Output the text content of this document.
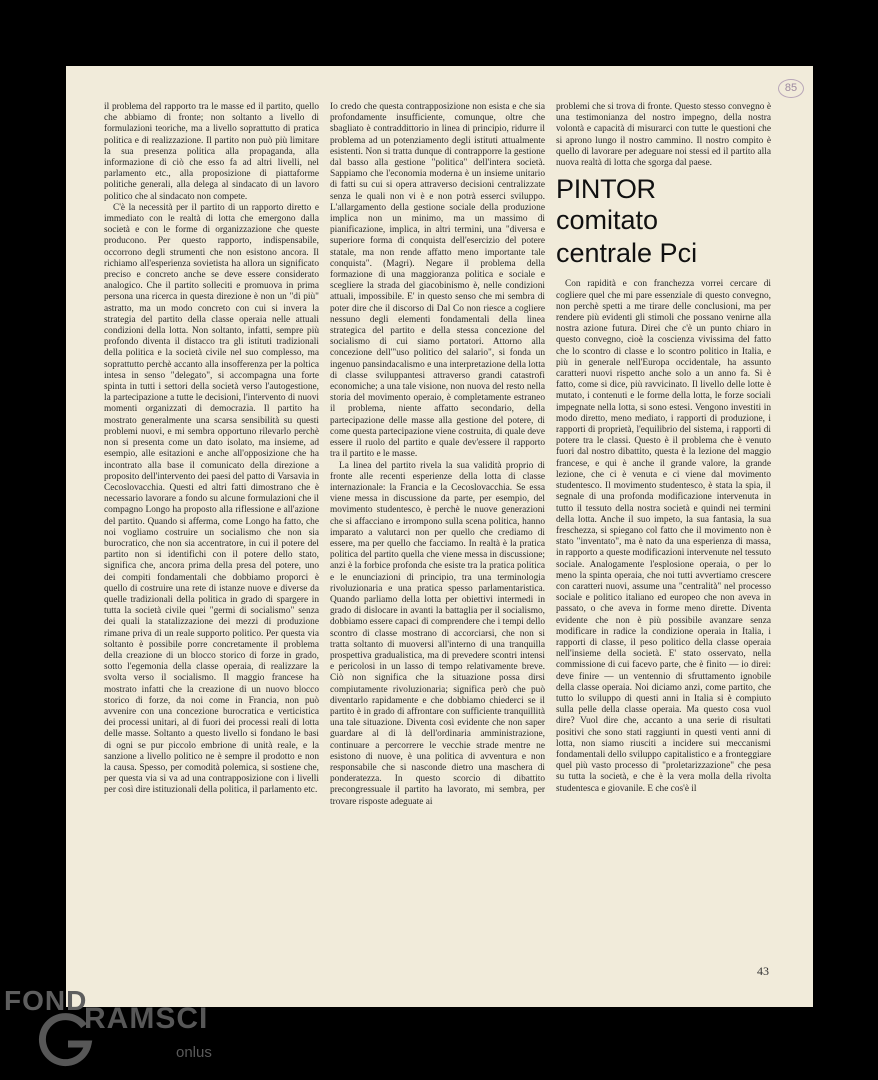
85

il problema del rapporto tra le masse ed il partito, quello che abbiamo di fronte; non soltanto a livello di formulazioni teoriche, ma a livello soprattutto di pratica politica e di realizzazione. Il partito non può più limitare la sua presenza politica alla propaganda, alla informazione di ciò che esso fa ad altri livelli, nel parlamento etc., alla proposizione di piattaforme politiche generali, alla delega al sindacato di un lavoro politico che al sindacato non compete.

C'è la necessità per il partito di un rapporto diretto e immediato con le realtà di lotta che emergono dalla società e con le forme di organizzazione che queste producono. Per questo rapporto, indispensabile, occorrono degli strumenti che non esistono ancora. Il richiamo all'esperienza sovietista ha allora un significato preciso e concreto anche se deve essere considerato analogico. Che il partito solleciti e promuova in prima persona una ricerca in questa direzione è non un "di più" astratto, ma un modo concreto con cui si invera la strategia del partito della classe operaia nelle attuali condizioni della lotta. Non soltanto, infatti, sempre più profondo diventa il distacco tra gli istituti tradizionali della politica e la società civile nel suo complesso, ma soprattutto perchè accanto alla insofferenza per la poltica intesa in senso "delegato", si accompagna una forte spinta in tutti i settori della società verso l'autogestione, la partecipazione a tutte le decisioni, l'intervento di nuovi momenti organizzati di democrazia. Il partito ha mostrato generalmente una scarsa sensibilità su questi problemi nuovi, e mi sembra opportuno rilevarlo perchè non si presenta come un dato isolato, ma insieme, ad esempio, alle esitazioni e anche all'opposizione che ha incontrato alla base il comunicato della direzione a proposito dell'intervento dei paesi del patto di Varsavia in Cecoslovacchia. Questi ed altri fatti dimostrano che è necessario lavorare a fondo su alcune formulazioni che il compagno Longo ha proposto alla riflessione e all'azione del partito. Quando si afferma, come Longo ha fatto, che noi vogliamo costruire un socialismo che non sia burocratico, che non sia accentratore, in cui il potere del partito non si identifichi con il potere dello stato, significa che, ancora prima della presa del potere, uno dei compiti fondamentali che dobbiamo proporci è quello di costruire una rete di istanze nuove e diverse da quelle tradizionali della politica in grado di spargere in tutta la società civile quei "germi di socialismo" senza dei quali la statalizzazione dei mezzi di produzione rimane priva di un reale supporto politico. Per questa via soltanto è possibile porre concretamente il problema della creazione di un blocco storico di forze in grado, sotto l'egemonia della classe operaia, di realizzare la svolta verso il socialismo. Il maggio francese ha mostrato infatti che la creazione di un nuovo blocco storico di forze, da noi come in Francia, non può avvenire con una concezione burocratica e verticistica dei processi unitari, al di fuori dei processi reali di lotta delle masse. Soltanto a questo livello si fondano le basi di ogni se pur piccolo embrione di unità reale, e la sanzione a livello politico ne è sempre il prodotto e non la causa. Spesso, per comodità polemica, si sostiene che, per questa via si va ad una contrapposizione con i livelli per così dire istituzionali della politica, il parlamento etc.

Io credo che questa contrapposizione non esista e che sia profondamente insufficiente, comunque, oltre che sbagliato è contraddittorio in linea di principio, ridurre il problema ad un potenziamento degli istituti attualmente esistenti. Non si tratta dunque di contrapporre la gestione dal basso alla gestione "politica" dell'intera società. Sappiamo che l'economia moderna è un insieme unitario di fatti su cui si opera attraverso decisioni centralizzate senza le quali non vi è e non potrà esserci sviluppo. L'allargamento della gestione sociale della produzione implica non un minimo, ma un massimo di pianificazione, implica, in altri termini, una "diversa e superiore forma di conquista dell'esercizio del potere statale, ma non rende affatto meno importante tale conquista". (Magri). Negare il problema della formazione di una maggioranza politica e sociale e scegliere la strada del giacobinismo è, nelle condizioni attuali, impossibile. E' in questo senso che mi sembra di poter dire che il discorso di Dal Co non riesce a cogliere nessuno degli elementi fondamentali della linea strategica del partito e della stessa concezione del socialismo di cui siamo portatori. Attorno alla concezione dell'"uso politico del salario", si fonda un ingenuo pansindacalismo e una interpretazione della lotta di classe sviluppantesi attraverso grandi catastrofi economiche; a una tale visione, non nuova del resto nella storia del movimento operaio, è completamente estraneo il problema, niente affatto secondario, della partecipazione delle masse alla gestione del potere, di come questa partecipazione viene costruita, di quale deve essere il ruolo del partito e quale dev'essere il rapporto tra il partito e le masse.

La linea del partito rivela la sua validità proprio di fronte alle recenti esperienze della lotta di classe internazionale: la Francia e la Cecoslovacchia. Se essa viene messa in discussione da parte, per esempio, del movimento studentesco, è perchè le nuove generazioni che si affacciano e irrompono sulla scena politica, hanno imparato a valutarci non per quello che crediamo di essere, ma per quello che facciamo. In realtà è la pratica politica del partito quella che viene messa in discussione; anzi è la forbice profonda che esiste tra la pratica politica e le enunciazioni di principio, tra una terminologia rivoluzionaria e una pratica spesso parlamentaristica. Quando parliamo della lotta per obiettivi intermedi in grado di dislocare in avanti la battaglia per il socialismo, dobbiamo essere capaci di comprendere che i tempi dello scontro di classe mostrano di accorciarsi, che non si tratta soltanto di muoversi all'interno di una tranquilla prospettiva gradualistica, ma di prevedere scontri intensi e pericolosi in un lasso di tempo relativamente breve. Ciò non significa che la situazione possa dirsi compiutamente rivoluzionaria; significa però che può diventarlo rapidamente e che dobbiamo chiederci se il partito è in grado di affrontare con sufficiente tranquillità una tale situazione. Diventa così evidente che non saper guardare al di là dell'ordinaria amministrazione, continuare a percorrere le vecchie strade mentre ne esistono di nuove, è una politica di avventura e non responsabile che si nasconde dietro una maschera di ponderatezza. In questo scorcio di dibattito precongressuale il partito ha lavorato, mi sembra, per trovare risposte adeguate ai

problemi che si trova di fronte. Questo stesso convegno è una testimonianza del nostro impegno, della nostra volontà e capacità di misurarci con tutte le questioni che si aprono lungo il nostro cammino. Il nostro compito è quello di lavorare per adeguare noi stessi ed il partito alla nuova realtà di lotta che sgorga dal paese.

PINTOR
comitato
centrale Pci

Con rapidità e con franchezza vorrei cercare di cogliere quel che mi pare essenziale di questo convegno, non perchè spetti a me tirare delle conclusioni, ma per rendere più evidenti gli stimoli che possano venirne alla nostra azione futura. Direi che c'è un punto chiaro in questo convegno, cioè la coscienza vivissima del fatto che lo scontro di classe e lo scontro politico in Italia, e più in generale nell'Europa occidentale, ha assunto caratteri nuovi rispetto anche solo a un anno fa. Si è fatto, come si dice, più ravvicinato. Il livello delle lotte è mutato, i contenuti e le forme della lotta, le forze sociali impegnate nella lotta, si sono estesi. Vengono investiti in modo diretto, meno mediato, i rapporti di produzione, i rapporti di proprietà, l'equilibrio del sistema, i rapporti di potere tra le classi. Questo è il problema che è venuto fuori dal nostro dibattito, questa è la lezione del maggio francese, e qui è anche il grande valore, la grande lezione, che ci è venuta e ci viene dal movimento studentesco. Il movimento studentesco, è stata la spia, il segnale di una profonda modificazione intervenuta in tutto il tessuto della nostra società e quindi nei termini della lotta. Anche il suo impeto, la sua fantasia, la sua freschezza, si spiegano col fatto che il movimento non è stato "inventato", ma è nato da una esperienza di massa, in rapporto a queste modificazioni intervenute nel tessuto sociale. Analogamente l'esplosione operaia, o per lo meno la spinta operaia, che noi tutti avvertiamo crescere con caratteri nuovi, assume una "centralità" nel processo sociale e politico italiano ed europeo che non aveva in passato, o che aveva in forme meno dirette. Diventa evidente che non è più possibile avanzare senza modificare in radice la condizione operaia in Italia, i rapporti di classe, il peso politico della classe operaia nell'insieme della società. E' stato osservato, nella commissione di cui facevo parte, che è finito — io direi: deve finire — un ventennio di sfruttamento ignobile della classe operaia. Noi diciamo anzi, come partito, che tutto lo sviluppo di questi anni in Italia si è compiuto sulla pelle della classe operaia. Ma questo cosa vuol dire? Vuol dire che, accanto a una serie di risultati positivi che sono stati raggiunti in questi venti anni di lotta, non siamo riusciti a incidere sui meccanismi fondamentali dello sviluppo capitalistico e a fronteggiare quel più vasto processo di "proletarizzazione" che pesa su tutta la società, e che è la vera molla della rivolta studentesca e giovanile. E che cos'è il

43
FOND
RAMSCI
onlus
